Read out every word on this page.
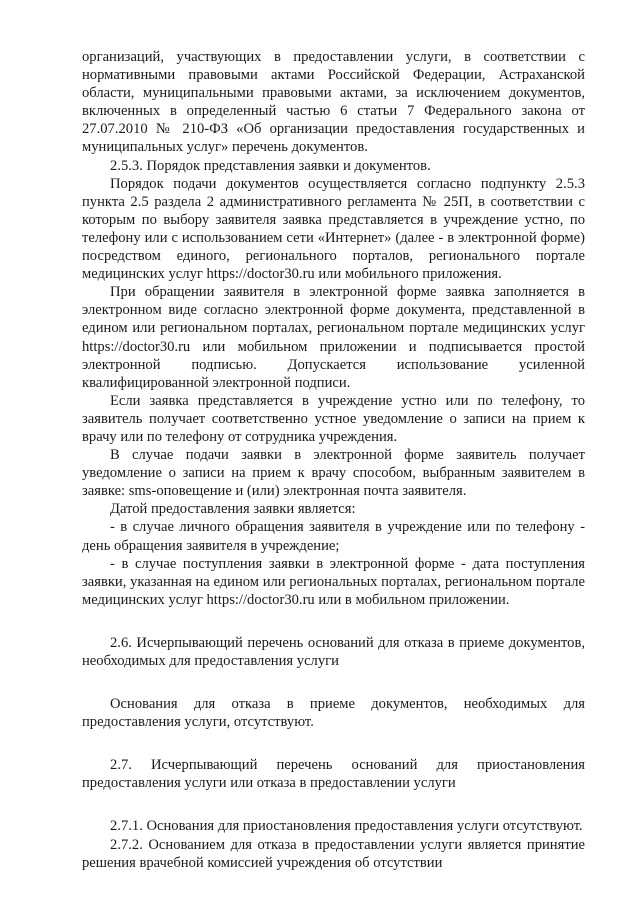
организаций, участвующих в предоставлении услуги, в соответствии с нормативными правовыми актами Российской Федерации, Астраханской области, муниципальными правовыми актами, за исключением документов, включенных в определенный частью 6 статьи 7 Федерального закона от 27.07.2010 № 210-ФЗ «Об организации предоставления государственных и муниципальных услуг» перечень документов.

2.5.3. Порядок представления заявки и документов.

Порядок подачи документов осуществляется согласно подпункту 2.5.3 пункта 2.5 раздела 2 административного регламента № 25П, в соответствии с которым по выбору заявителя заявка представляется в учреждение устно, по телефону или с использованием сети «Интернет» (далее - в электронной форме) посредством единого, регионального порталов, регионального портале медицинских услуг https://doctor30.ru или мобильного приложения.

При обращении заявителя в электронной форме заявка заполняется в электронном виде согласно электронной форме документа, представленной в едином или региональном порталах, региональном портале медицинских услуг https://doctor30.ru или мобильном приложении и подписывается простой электронной подписью. Допускается использование усиленной квалифицированной электронной подписи.

Если заявка представляется в учреждение устно или по телефону, то заявитель получает соответственно устное уведомление о записи на прием к врачу или по телефону от сотрудника учреждения.

В случае подачи заявки в электронной форме заявитель получает уведомление о записи на прием к врачу способом, выбранным заявителем в заявке: sms-оповещение и (или) электронная почта заявителя.

Датой предоставления заявки является:

- в случае личного обращения заявителя в учреждение или по телефону - день обращения заявителя в учреждение;

- в случае поступления заявки в электронной форме - дата поступления заявки, указанная на едином или региональных порталах, региональном портале медицинских услуг https://doctor30.ru или в мобильном приложении.

2.6. Исчерпывающий перечень оснований для отказа в приеме документов, необходимых для предоставления услуги

Основания для отказа в приеме документов, необходимых для предоставления услуги, отсутствуют.

2.7. Исчерпывающий перечень оснований для приостановления предоставления услуги или отказа в предоставлении услуги

2.7.1. Основания для приостановления предоставления услуги отсутствуют.

2.7.2. Основанием для отказа в предоставлении услуги является принятие решения врачебной комиссией учреждения об отсутствии
